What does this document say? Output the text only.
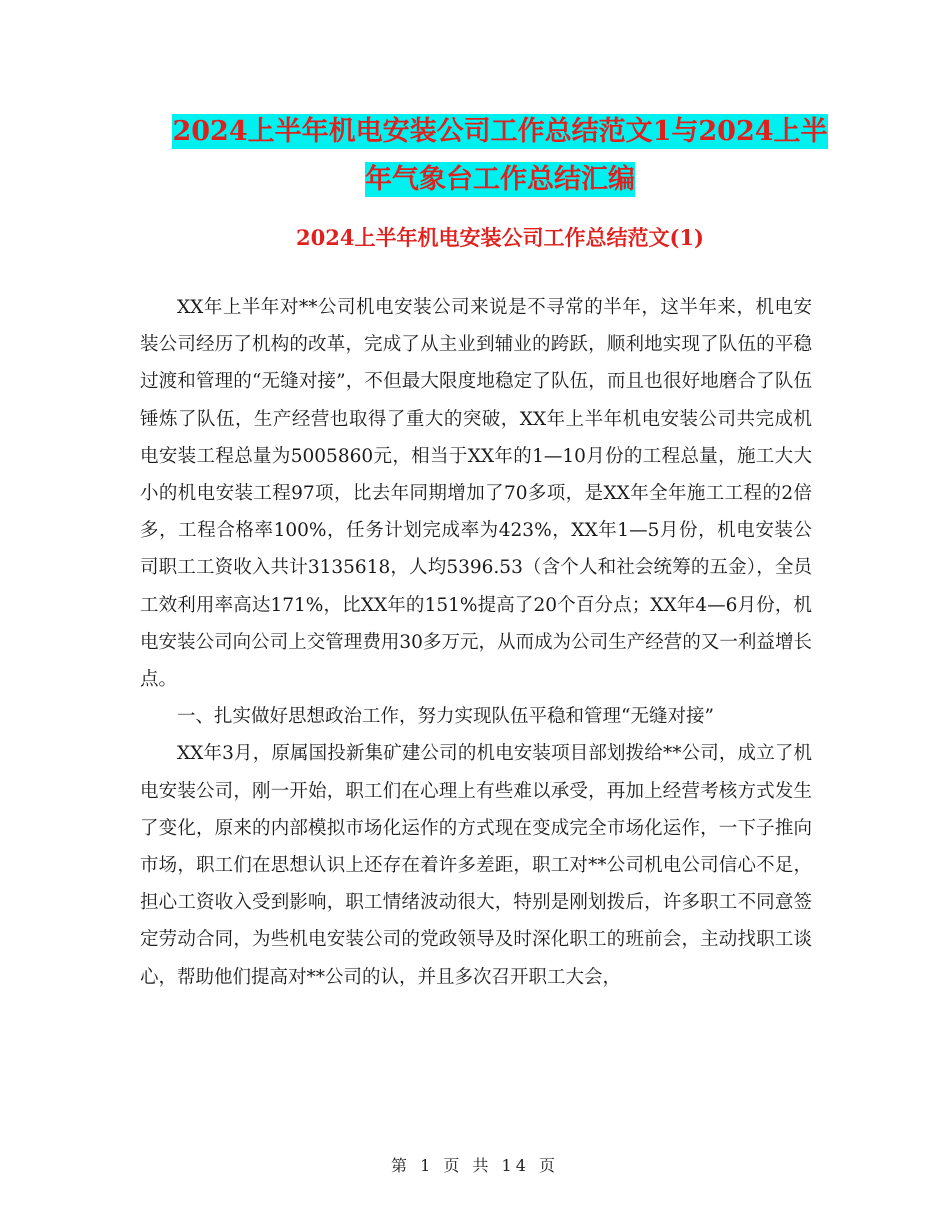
2024上半年机电安装公司工作总结范文1与2024上半
年气象台工作总结汇编
2024上半年机电安装公司工作总结范文(1)

XX年上半年对**公司机电安装公司来说是不寻常的半年，这半年来，机电安装公司经历了机构的改革，完成了从主业到辅业的跨跃，顺利地实现了队伍的平稳过渡和管理的“无缝对接”，不但最大限度地稳定了队伍，而且也很好地磨合了队伍锤炼了队伍，生产经营也取得了重大的突破，XX年上半年机电安装公司共完成机电安装工程总量为5005860元，相当于XX年的1—10月份的工程总量，施工大大小的机电安装工程97项，比去年同期增加了70多项，是XX年全年施工工程的2倍多，工程合格率100%，任务计划完成率为423%，XX年1—5月份，机电安装公司职工工资收入共计3135618，人均5396.53（含个人和社会统筹的五金），全员工效利用率高达171%，比XX年的151%提高了20个百分点；XX年4—6月份，机电安装公司向公司上交管理费用30多万元，从而成为公司生产经营的又一利益增长点。

一、扎实做好思想政治工作，努力实现队伍平稳和管理“无缝对接”

XX年3月，原属国投新集矿建公司的机电安装项目部划拨给**公司，成立了机电安装公司，刚一开始，职工们在心理上有些难以承受，再加上经营考核方式发生了变化，原来的内部模拟市场化运作的方式现在变成完全市场化运作，一下子推向市场，职工们在思想认识上还存在着许多差距，职工对**公司机电公司信心不足，担心工资收入受到影响，职工情绪波动很大，特别是刚划拨后，许多职工不同意签定劳动合同，为些机电安装公司的党政领导及时深化职工的班前会，主动找职工谈心，帮助他们提高对**公司的认，并且多次召开职工大会，

第 1 页 共 14 页
